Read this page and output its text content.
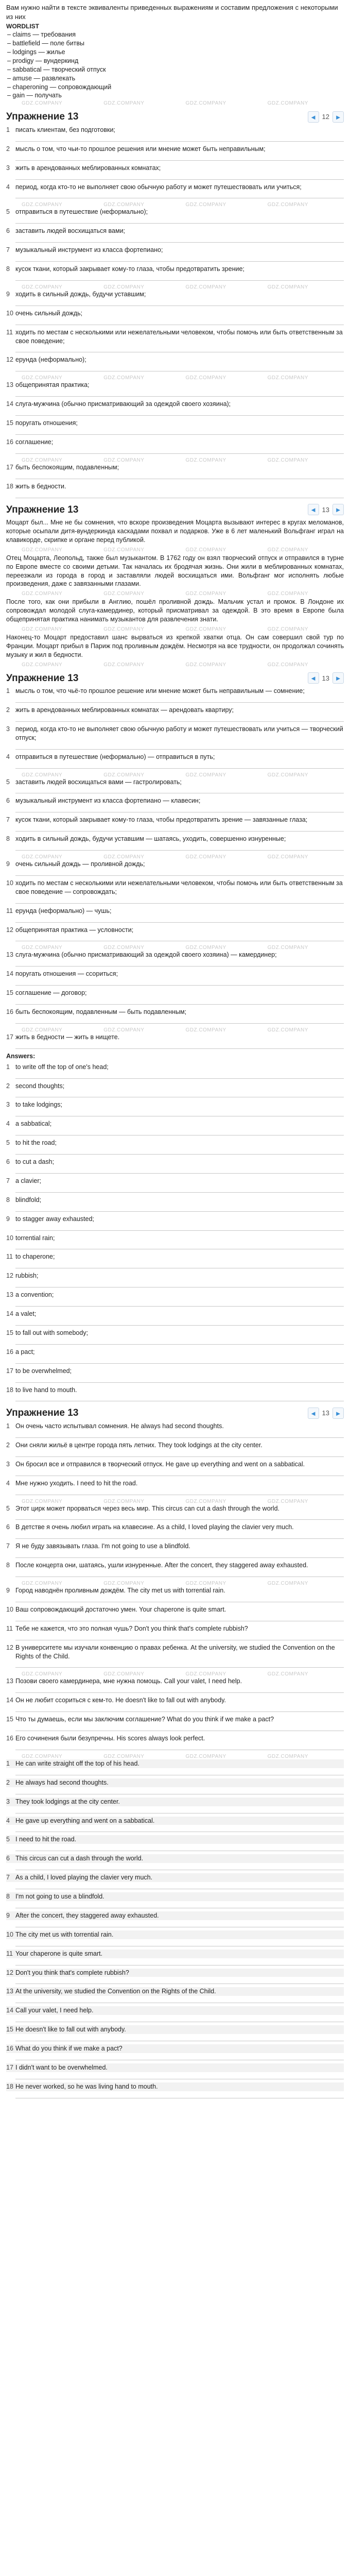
Вам нужно найти в тексте эквиваленты приведенных выражениям и составим предложения с некоторыми из них
WORDLIST
– claims — требования
– battlefield — поле битвы
– lodgings — жилье
– prodigy — вундеркинд
– sabbatical — творческий отпуск
– amuse — развлекать
– chaperoning — сопровождающий
– gain — получать
GDZ.COMPANY	GDZ.COMPANY	GDZ.COMPANY	GDZ.COMPANY
Упражнение 13	◄ 12 ►
1 писать клиентам, без подготовки;
2 мысль о том, что чьи-то прошлое решения или мнение может быть неправильным;
3 жить в арендованных меблированных комнатах;
4 период, когда кто-то не выполняет свою обычную работу и может путешествовать или учиться;
GDZ.COMPANY	GDZ.COMPANY	GDZ.COMPANY	GDZ.COMPANY
5 отправиться в путешествие (неформально);
6 заставить людей восхищаться вами;
7 музыкальный инструмент из класса фортепиано;
8 кусок ткани, который закрывает кому-то глаза, чтобы предотвратить зрение;
GDZ.COMPANY	GDZ.COMPANY	GDZ.COMPANY	GDZ.COMPANY
9 ходить в сильный дождь, будучи уставшим;
10 очень сильный дождь;
11 ходить по местам с несколькими или нежелательными человеком, чтобы помочь или быть ответственным за свое поведение;
12 ерунда (неформально);
GDZ.COMPANY	GDZ.COMPANY	GDZ.COMPANY	GDZ.COMPANY
13 общепринятая практика;
14 слуга-мужчина (обычно присматривающий за одеждой своего хозяина);
15 поругать отношения;
16 соглашение;
GDZ.COMPANY	GDZ.COMPANY	GDZ.COMPANY	GDZ.COMPANY
17 быть беспокоящим, подавленным;
18 жить в бедности.
Упражнение 13	◄ 13 ►
Моцарт был... Мне не бы сомнения, что вскоре произведения Моцарта вызывают интерес в кругах меломанов, которые осыпали дитя-вундеркинда каскадами похвал и подарков. Уже в 6 лет маленький Вольфганг играл на клавикорде, скрипке и органе перед публикой.
GDZ.COMPANY	GDZ.COMPANY	GDZ.COMPANY	GDZ.COMPANY
Отец Моцарта, Леопольд, также был музыкантом. В 1762 году он взял творческий отпуск и отправился в турне по Европе вместе со своими детьми. Так началась их бродячая жизнь. Они жили в меблированных комнатах, переезжали из города в город и заставляли людей восхищаться ими. Вольфганг мог исполнять любые произведения, даже с завязанными глазами.
GDZ.COMPANY	GDZ.COMPANY	GDZ.COMPANY	GDZ.COMPANY
После того, как они прибыли в Англию, пошёл проливной дождь. Мальчик устал и промок. В Лондоне их сопровождал молодой слуга-камердинер, который присматривал за одеждой. В это время в Европе была общепринятая практика нанимать музыкантов для развлечения знати.
GDZ.COMPANY	GDZ.COMPANY	GDZ.COMPANY	GDZ.COMPANY
Наконец-то Моцарт предоставил шанс вырваться из крепкой хватки отца. Он сам совершил свой тур по Франции. Моцарт прибыл в Париж под проливным дождём. Несмотря на все трудности, он продолжал сочинять музыку и жил в бедности.
GDZ.COMPANY	GDZ.COMPANY	GDZ.COMPANY	GDZ.COMPANY
Упражнение 13	◄ 13 ►
1 мысль о том, что чьё-то прошлое решение или мнение может быть неправильным — сомнение;
2 жить в арендованных меблированных комнатах — арендовать квартиру;
3 период, когда кто-то не выполняет свою обычную работу и может путешествовать или учиться — творческий отпуск;
4 отправиться в путешествие (неформально) — отправиться в путь;
GDZ.COMPANY	GDZ.COMPANY	GDZ.COMPANY	GDZ.COMPANY
5 заставить людей восхищаться вами — гастролировать;
6 музыкальный инструмент из класса фортепиано — клавесин;
7 кусок ткани, который закрывает кому-то глаза, чтобы предотвратить зрение — завязанные глаза;
8 ходить в сильный дождь, будучи уставшим — шатаясь, уходить, совершенно изнуренные;
GDZ.COMPANY	GDZ.COMPANY	GDZ.COMPANY	GDZ.COMPANY
9 очень сильный дождь — проливной дождь;
10 ходить по местам с несколькими или нежелательными человеком, чтобы помочь или быть ответственным за свое поведение — сопровождать;
11 ерунда (неформально) — чушь;
12 общепринятая практика — условности;
GDZ.COMPANY	GDZ.COMPANY	GDZ.COMPANY	GDZ.COMPANY
13 слуга-мужчина (обычно присматривающий за одеждой своего хозяина) — камердинер;
14 поругать отношения — ссориться;
15 соглашение — договор;
16 быть беспокоящим, подавленным — быть подавленным;
GDZ.COMPANY	GDZ.COMPANY	GDZ.COMPANY	GDZ.COMPANY
17 жить в бедности — жить в нищете.
Answers:
1 to write off the top of one's head;
2 second thoughts;
3 to take lodgings;
4 a sabbatical;
5 to hit the road;
6 to cut a dash;
7 a clavier;
8 blindfold;
9 to stagger away exhausted;
10 torrential rain;
11 to chaperone;
12 rubbish;
13 a convention;
14 a valet;
15 to fall out with somebody;
16 a pact;
17 to be overwhelmed;
18 to live hand to mouth.
Упражнение 13	◄ 13 ►
1 Он очень часто испытывал сомнения. He always had second thoughts.
2 Они сняли жильё в центре города пять летних. They took lodgings at the city center.
3 Он бросил все и отправился в творческий отпуск. He gave up everything and went on a sabbatical.
4 Мне нужно уходить. I need to hit the road.
GDZ.COMPANY	GDZ.COMPANY	GDZ.COMPANY	GDZ.COMPANY
5 Этот цирк может прорваться через весь мир. This circus can cut a dash through the world.
6 В детстве я очень любил играть на клавесине. As a child, I loved playing the clavier very much.
7 Я не буду завязывать глаза. I'm not going to use a blindfold.
8 После концерта они, шатаясь, ушли изнуренные. After the concert, they staggered away exhausted.
GDZ.COMPANY	GDZ.COMPANY	GDZ.COMPANY	GDZ.COMPANY
9 Город наводнён проливным дождём. The city met us with torrential rain.
10 Ваш сопровождающий достаточно умен. Your chaperone is quite smart.
11 Тебе не кажется, что это полная чушь? Don't you think that's complete rubbish?
12 В университете мы изучали конвенцию о правах ребенка. At the university, we studied the Convention on the Rights of the Child.
GDZ.COMPANY	GDZ.COMPANY	GDZ.COMPANY	GDZ.COMPANY
13 Позови своего камердинера, мне нужна помощь. Call your valet, I need help.
14 Он не любит ссориться с кем-то. He doesn't like to fall out with anybody.
15 Что ты думаешь, если мы заключим соглашение? What do you think if we make a pact?
16 Его сочинения были безупречны. His scores always look perfect.
GDZ.COMPANY	GDZ.COMPANY	GDZ.COMPANY	GDZ.COMPANY
1 He can write straight off the top of his head.
2 He always had second thoughts.
3 They took lodgings at the city center.
4 He gave up everything and went on a sabbatical.
5 I need to hit the road.
6 This circus can cut a dash through the world.
7 As a child, I loved playing the clavier very much.
8 I'm not going to use a blindfold.
9 After the concert, they staggered away exhausted.
10 The city met us with torrential rain.
11 Your chaperone is quite smart.
12 Don't you think that's complete rubbish?
13 At the university, we studied the Convention on the Rights of the Child.
14 Call your valet, I need help.
15 He doesn't like to fall out with anybody.
16 What do you think if we make a pact?
17 I didn't want to be overwhelmed.
18 He never worked, so he was living hand to mouth.
